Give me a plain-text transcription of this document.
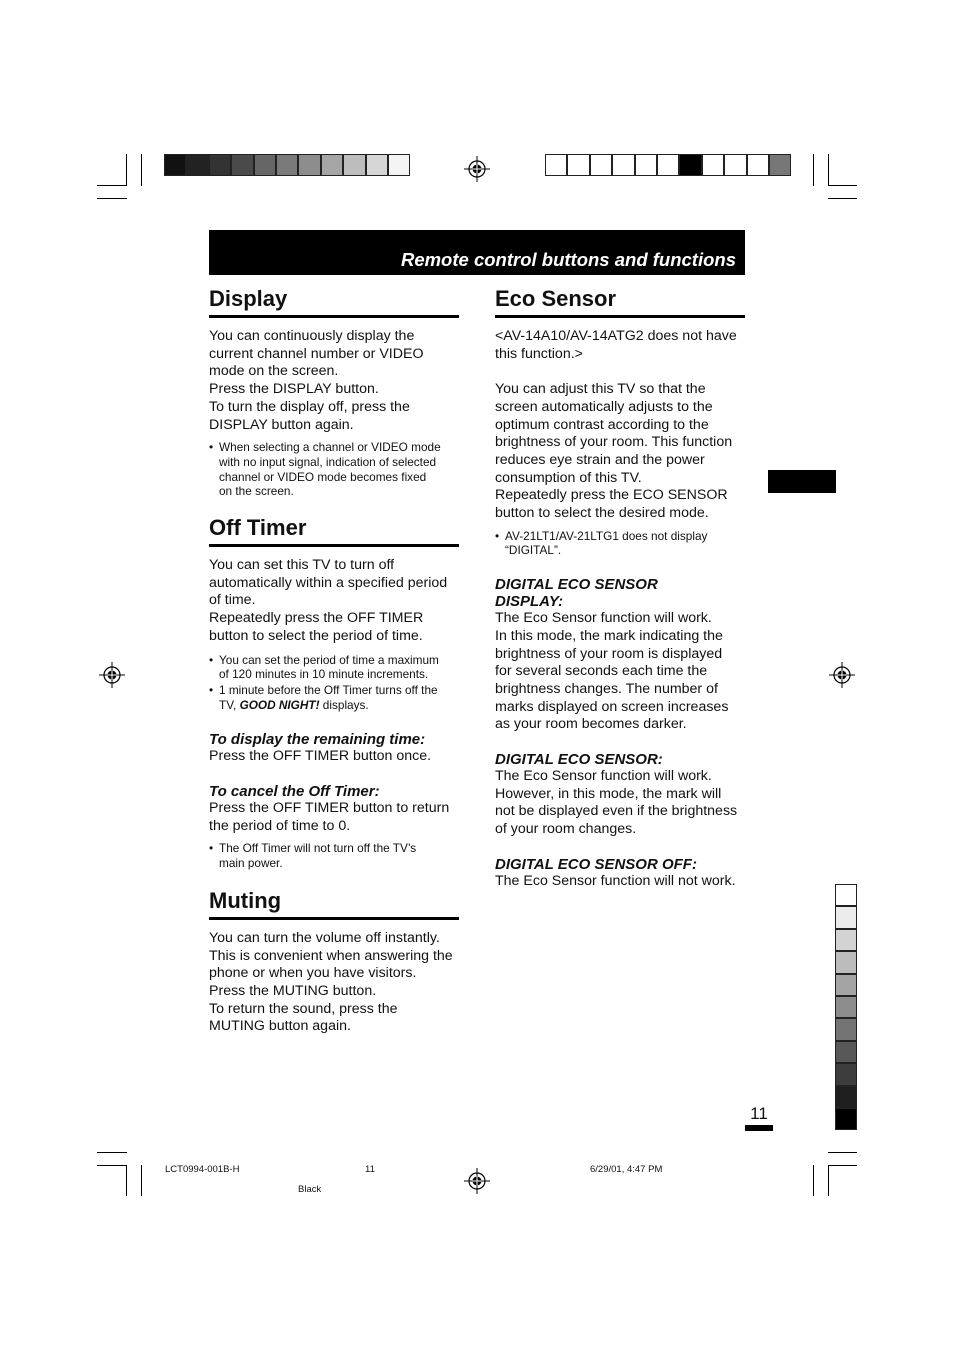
Remote control buttons and functions
Display

You can continuously display the
current channel number or VIDEO
mode on the screen.
Press the DISPLAY button.
To turn the display off, press the
DISPLAY button again.

• When selecting a channel or VIDEO mode
with no input signal, indication of selected
channel or VIDEO mode becomes fixed
on the screen.
Off Timer

You can set this TV to turn off
automatically within a specified period
of time.
Repeatedly press the OFF TIMER
button to select the period of time.

• You can set the period of time a maximum
of 120 minutes in 10 minute increments.
• 1 minute before the Off Timer turns off the
TV, GOOD NIGHT! displays.
To display the remaining time:

Press the OFF TIMER button once.

To cancel the Off Timer:

Press the OFF TIMER button to return
the period of time to 0.

• The Off Timer will not turn off the TV’s
main power.
Muting

You can turn the volume off instantly.
This is convenient when answering the
phone or when you have visitors.
Press the MUTING button.
To return the sound, press the
MUTING button again.

Eco Sensor

<AV-14A10/AV-14ATG2 does not have
this function.>

You can adjust this TV so that the
screen automatically adjusts to the
optimum contrast according to the
brightness of your room. This function
reduces eye strain and the power
consumption of this TV.
Repeatedly press the ECO SENSOR
button to select the desired mode.

• AV-21LT1/AV-21LTG1 does not display
“DIGITAL”.
DIGITAL ECO SENSOR
DISPLAY:

The Eco Sensor function will work.
In this mode, the mark indicating the
brightness of your room is displayed
for several seconds each time the
brightness changes. The number of
marks displayed on screen increases
as your room becomes darker.

DIGITAL ECO SENSOR:

The Eco Sensor function will work.
However, in this mode, the mark will
not be displayed even if the brightness
of your room changes.

DIGITAL ECO SENSOR OFF:

The Eco Sensor function will not work.

11
LCT0994-001B-H	11	6/29/01, 4:47 PM
Black
